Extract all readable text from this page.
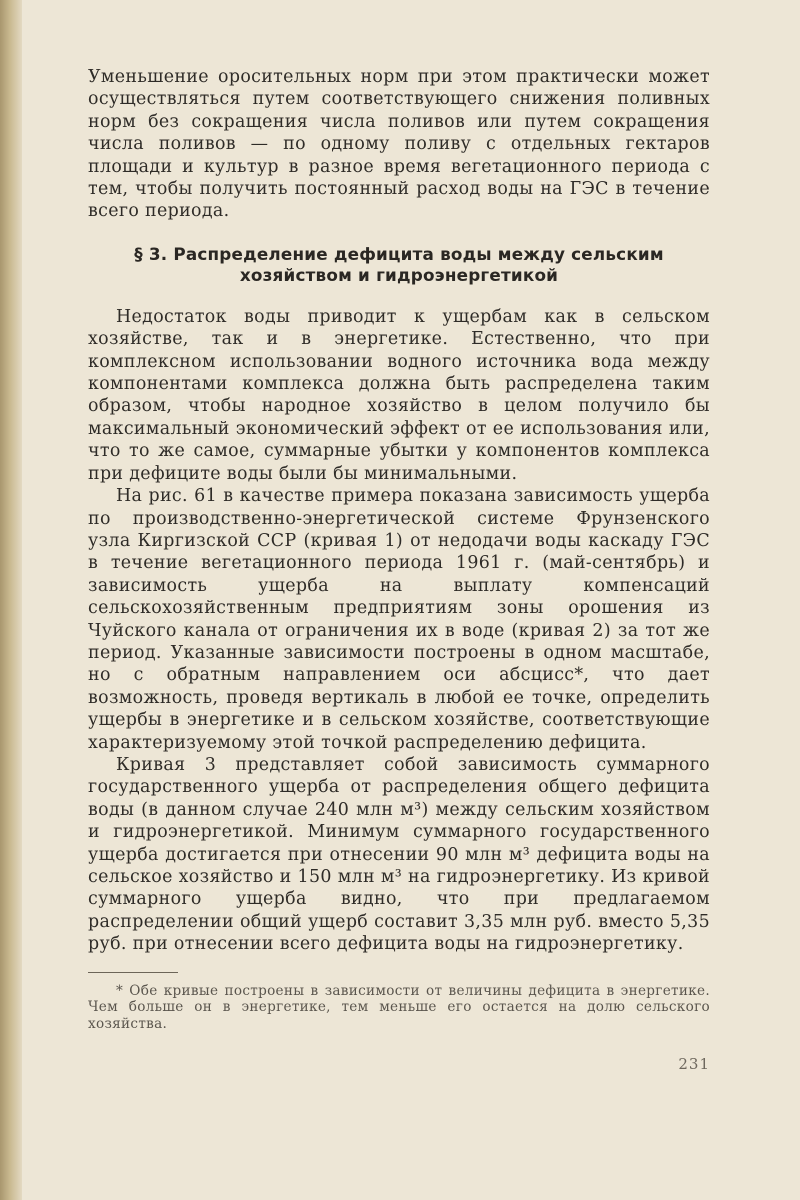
Уменьшение оросительных норм при этом практически может осуществляться путем соответствующего снижения поливных норм без сокращения числа поливов или путем сокращения числа поливов — по одному поливу с отдельных гектаров площади и культур в разное время вегетационного периода с тем, чтобы получить постоянный расход воды на ГЭС в течение всего периода.

§ 3. Распределение дефицита воды между сельским
хозяйством и гидроэнергетикой

Недостаток воды приводит к ущербам как в сельском хозяйстве, так и в энергетике. Естественно, что при комплексном использовании водного источника вода между компонентами комплекса должна быть распределена таким образом, чтобы народное хозяйство в целом получило бы максимальный экономический эффект от ее использования или, что то же самое, суммарные убытки у компонентов комплекса при дефиците воды были бы минимальными.

На рис. 61 в качестве примера показана зависимость ущерба по производственно-энергетической системе Фрунзенского узла Киргизской ССР (кривая 1) от недодачи воды каскаду ГЭС в течение вегетационного периода 1961 г. (май-сентябрь) и зависимость ущерба на выплату компенсаций сельскохозяйственным предприятиям зоны орошения из Чуйского канала от ограничения их в воде (кривая 2) за тот же период. Указанные зависимости построены в одном масштабе, но с обратным направлением оси абсцисс*, что дает возможность, проведя вертикаль в любой ее точке, определить ущербы в энергетике и в сельском хозяйстве, соответствующие характеризуемому этой точкой распределению дефицита.

Кривая 3 представляет собой зависимость суммарного государственного ущерба от распределения общего дефицита воды (в данном случае 240 млн м³) между сельским хозяйством и гидроэнергетикой. Минимум суммарного государственного ущерба достигается при отнесении 90 млн м³ дефицита воды на сельское хозяйство и 150 млн м³ на гидроэнергетику. Из кривой суммарного ущерба видно, что при предлагаемом распределении общий ущерб составит 3,35 млн руб. вместо 5,35 руб. при отнесении всего дефицита воды на гидроэнергетику.

* Обе кривые построены в зависимости от величины дефицита в энергетике. Чем больше он в энергетике, тем меньше его остается на долю сельского хозяйства.

231
